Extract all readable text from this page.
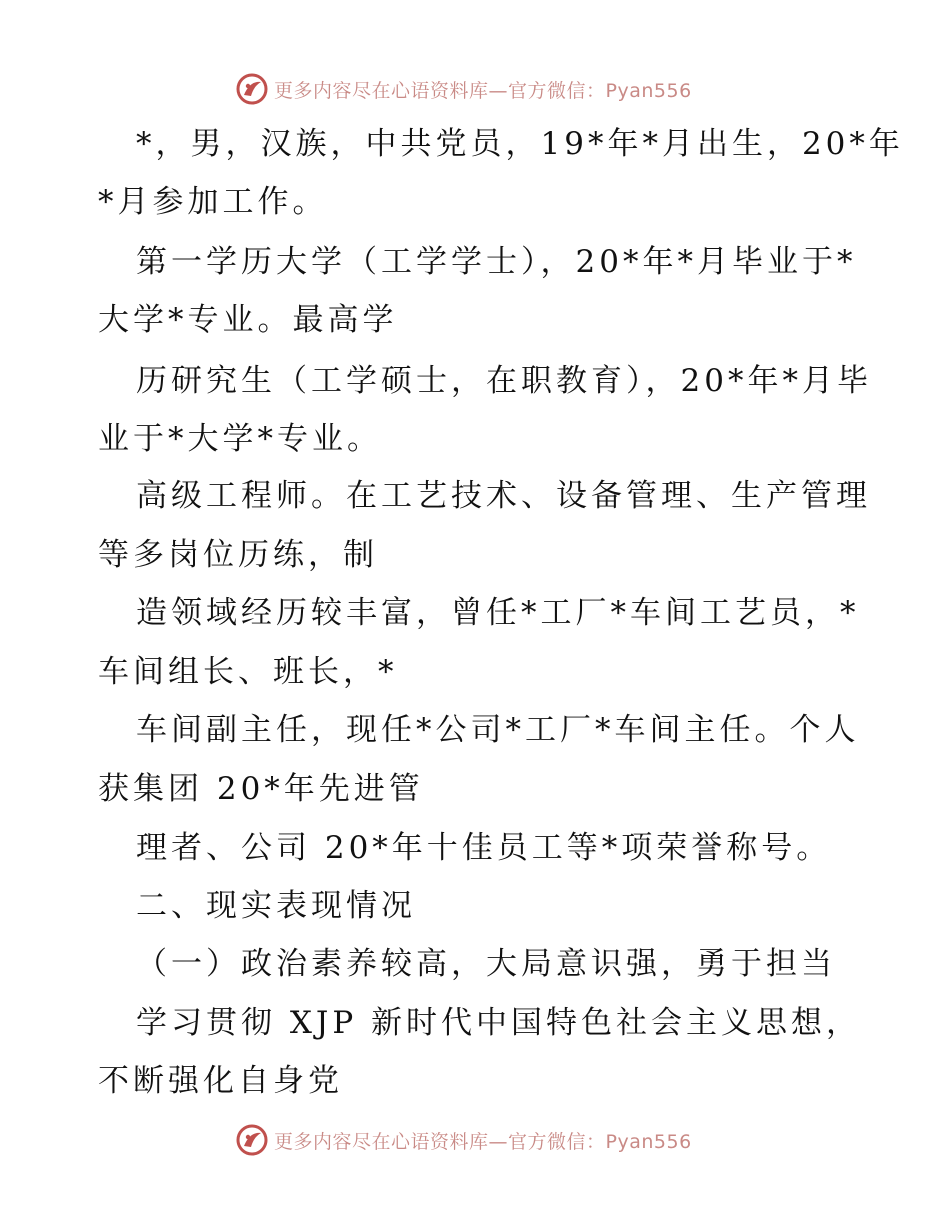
更多内容尽在心语资料库—官方微信：Pyan556
*，男，汉族，中共党员，19*年*月出生，20*年
*月参加工作。
第一学历大学（工学学士），20*年*月毕业于*
大学*专业。最高学
历研究生（工学硕士，在职教育），20*年*月毕
业于*大学*专业。
高级工程师。在工艺技术、设备管理、生产管理
等多岗位历练，制
造领域经历较丰富，曾任*工厂*车间工艺员，*
车间组长、班长，*
车间副主任，现任*公司*工厂*车间主任。个人
获集团 20*年先进管
理者、公司 20*年十佳员工等*项荣誉称号。
二、现实表现情况
（一）政治素养较高，大局意识强，勇于担当
学习贯彻 XJP 新时代中国特色社会主义思想，
不断强化自身党
更多内容尽在心语资料库—官方微信：Pyan556
